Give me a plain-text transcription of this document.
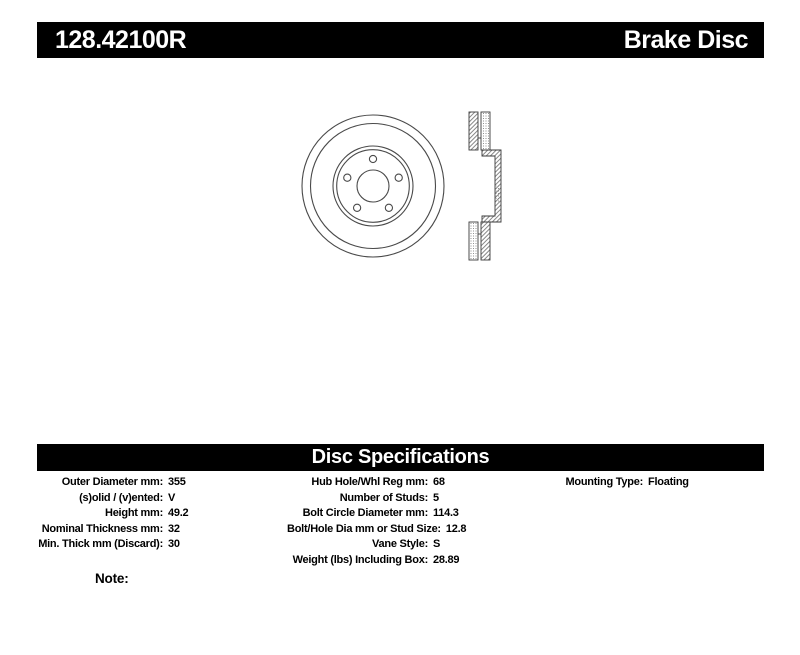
128.42100R	Brake Disc
Disc Specifications
Outer Diameter mm: 355
(s)olid / (v)ented: V
Height mm: 49.2
Nominal Thickness mm: 32
Min. Thick mm (Discard): 30
Hub Hole/Whl Reg mm: 68
Number of Studs: 5
Bolt Circle Diameter mm: 114.3
Bolt/Hole Dia mm or Stud Size: 12.8
Vane Style: S
Weight (lbs) Including Box: 28.89
Mounting Type: Floating
Note:
